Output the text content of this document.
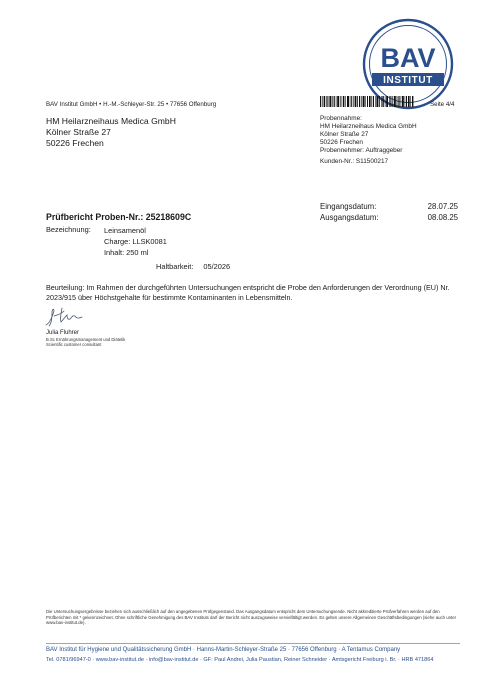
BAV
INSTITUT
BAV Institut GmbH • H.-M.-Schleyer-Str. 25 • 77656 Offenburg	Seite 4/4
HM Heilarzneihaus Medica GmbH
Kölner Straße 27
50226 Frechen
Probennahme:
HM Heilarzneihaus Medica GmbH
Kölner Straße 27
50226 Frechen
Probennehmer: Auftraggeber
Kunden-Nr.: S11500217
Eingangsdatum:	28.07.25
Ausgangsdatum:	08.08.25
Prüfbericht Proben-Nr.: 25218609C
Bezeichnung: Leinsamenöl
Charge: LLSK0081
Inhalt: 250 ml
Haltbarkeit: 05/2026
Beurteilung: Im Rahmen der durchgeführten Untersuchungen entspricht die Probe den Anforderungen der Verordnung (EU) Nr. 2023/915 über Höchstgehalte für bestimmte Kontaminanten in Lebensmitteln.
Julia Fluhrer
B.Sc Ernährungsmanagement und Diätetik
Scientific customer consultant
Die Untersuchungsergebnisse beziehen sich ausschließlich auf den angegebenen Prüfgegenstand. Das Ausgangsdatum entspricht dem Untersuchungsende. Nicht akkreditierte Prüfverfahren werden auf den Prüfberichten mit * gekennzeichnet. Ohne schriftliche Genehmigung des BAV Instituts darf der Bericht nicht auszugsweise vervielfältigt werden. Es gelten unsere Allgemeinen Geschäftsbedingungen (siehe auch unter www.bav-institut.de).
BAV Institut für Hygiene und Qualitätssicherung GmbH · Hanns-Martin-Schleyer-Straße 25 · 77656 Offenburg · A Tentamus Company
Tel. 0781/96947-0 · www.bav-institut.de · info@bav-institut.de · GF: Paul Andrei, Julia Paustian, Reiner Schneider · Amtsgericht Freiburg i. Br. · HRB 471864
